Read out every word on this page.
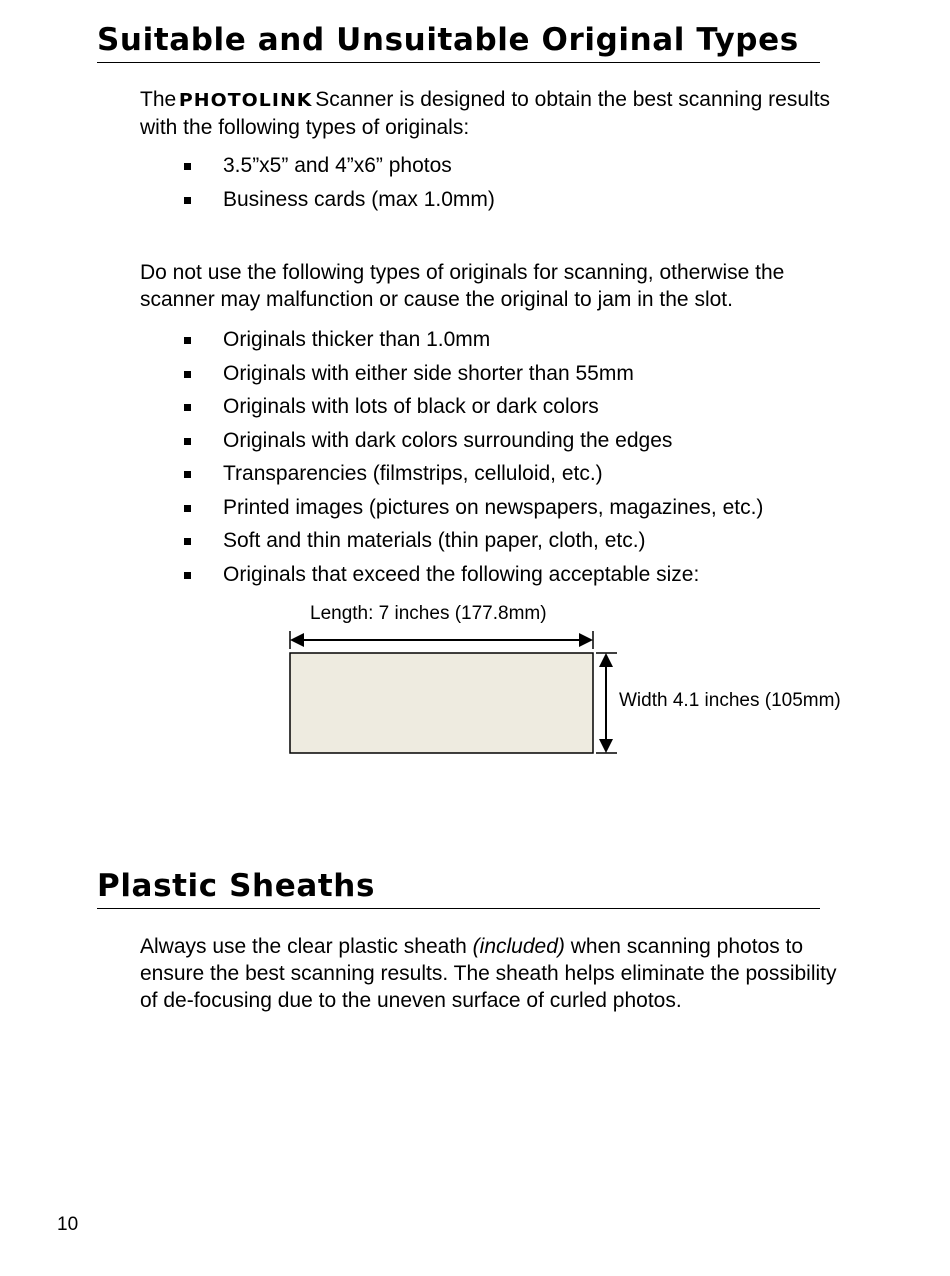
Suitable and Unsuitable Original Types

The PHOTOLINK Scanner is designed to obtain the best scanning results with the following types of originals:

3.5”x5” and 4”x6” photos
Business cards (max 1.0mm)

Do not use the following types of originals for scanning, otherwise the scanner may malfunction or cause the original to jam in the slot.

Originals thicker than 1.0mm
Originals with either side shorter than 55mm
Originals with lots of black or dark colors
Originals with dark colors surrounding the edges
Transparencies (filmstrips, celluloid, etc.)
Printed images (pictures on newspapers, magazines, etc.)
Soft and thin materials (thin paper, cloth, etc.)
Originals that exceed the following acceptable size:
Length: 7 inches (177.8mm)
Width 4.1 inches (105mm)
Plastic Sheaths

Always use the clear plastic sheath (included) when scanning photos to ensure the best scanning results. The sheath helps eliminate the possibility of de-focusing due to the uneven surface of curled photos.

10
